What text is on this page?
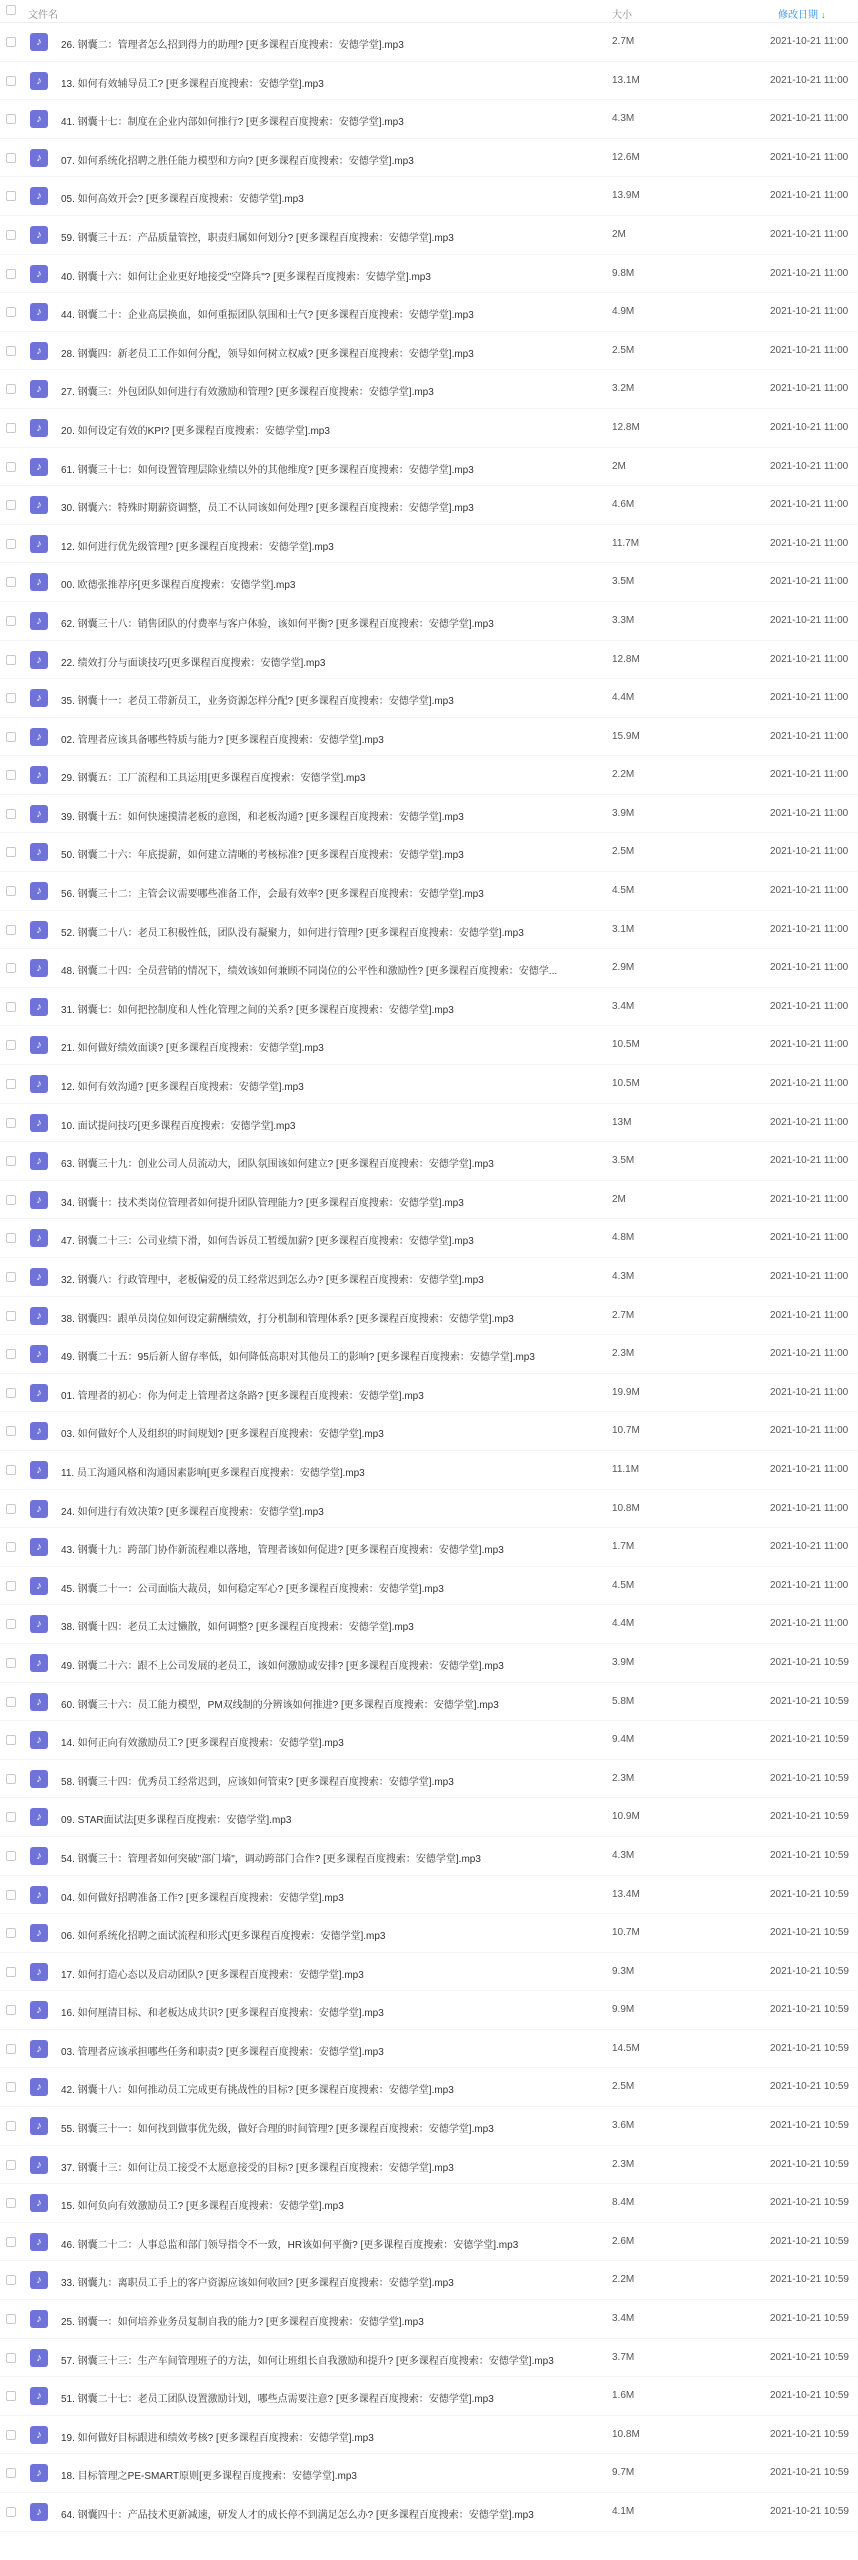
文件名	大小	修改日期 ↓
♪	26. 钢囊二：管理者怎么招到得力的助理? [更多课程百度搜索：安德学堂].mp3	2.7M	2021-10-21 11:00
♪	13. 如何有效辅导员工? [更多课程百度搜索：安德学堂].mp3	13.1M	2021-10-21 11:00
♪	41. 钢囊十七：制度在企业内部如何推行? [更多课程百度搜索：安德学堂].mp3	4.3M	2021-10-21 11:00
♪	07. 如何系统化招聘之胜任能力模型和方向? [更多课程百度搜索：安德学堂].mp3	12.6M	2021-10-21 11:00
♪	05. 如何高效开会? [更多课程百度搜索：安德学堂].mp3	13.9M	2021-10-21 11:00
♪	59. 钢囊三十五：产品质量管控，职责归属如何划分? [更多课程百度搜索：安德学堂].mp3	2M	2021-10-21 11:00
♪	40. 钢囊十六：如何让企业更好地接受"空降兵"? [更多课程百度搜索：安德学堂].mp3	9.8M	2021-10-21 11:00
♪	44. 钢囊二十：企业高层换血，如何重振团队氛围和士气? [更多课程百度搜索：安德学堂].mp3	4.9M	2021-10-21 11:00
♪	28. 钢囊四：新老员工工作如何分配，领导如何树立权威? [更多课程百度搜索：安德学堂].mp3	2.5M	2021-10-21 11:00
♪	27. 钢囊三：外包团队如何进行有效激励和管理? [更多课程百度搜索：安德学堂].mp3	3.2M	2021-10-21 11:00
♪	20. 如何设定有效的KPI? [更多课程百度搜索：安德学堂].mp3	12.8M	2021-10-21 11:00
♪	61. 钢囊三十七：如何设置管理层除业绩以外的其他维度? [更多课程百度搜索：安德学堂].mp3	2M	2021-10-21 11:00
♪	30. 钢囊六：特殊时期薪资调整，员工不认同该如何处理? [更多课程百度搜索：安德学堂].mp3	4.6M	2021-10-21 11:00
♪	12. 如何进行优先级管理? [更多课程百度搜索：安德学堂].mp3	11.7M	2021-10-21 11:00
♪	00. 欧德张推荐序[更多课程百度搜索：安德学堂].mp3	3.5M	2021-10-21 11:00
♪	62. 钢囊三十八：销售团队的付费率与客户体验，该如何平衡? [更多课程百度搜索：安德学堂].mp3	3.3M	2021-10-21 11:00
♪	22. 绩效打分与面谈技巧[更多课程百度搜索：安德学堂].mp3	12.8M	2021-10-21 11:00
♪	35. 钢囊十一：老员工带新员工，业务资源怎样分配? [更多课程百度搜索：安德学堂].mp3	4.4M	2021-10-21 11:00
♪	02. 管理者应该具备哪些特质与能力? [更多课程百度搜索：安德学堂].mp3	15.9M	2021-10-21 11:00
♪	29. 钢囊五：工厂流程和工具运用[更多课程百度搜索：安德学堂].mp3	2.2M	2021-10-21 11:00
♪	39. 钢囊十五：如何快速摸清老板的意图，和老板沟通? [更多课程百度搜索：安德学堂].mp3	3.9M	2021-10-21 11:00
♪	50. 钢囊二十六：年底提薪，如何建立清晰的考核标准? [更多课程百度搜索：安德学堂].mp3	2.5M	2021-10-21 11:00
♪	56. 钢囊三十二：主管会议需要哪些准备工作，会最有效率? [更多课程百度搜索：安德学堂].mp3	4.5M	2021-10-21 11:00
♪	52. 钢囊二十八：老员工积极性低，团队没有凝聚力，如何进行管理? [更多课程百度搜索：安德学堂].mp3	3.1M	2021-10-21 11:00
♪	48. 钢囊二十四：全员营销的情况下，绩效该如何兼顾不同岗位的公平性和激励性? [更多课程百度搜索：安德学...	2.9M	2021-10-21 11:00
♪	31. 钢囊七：如何把控制度和人性化管理之间的关系? [更多课程百度搜索：安德学堂].mp3	3.4M	2021-10-21 11:00
♪	21. 如何做好绩效面谈? [更多课程百度搜索：安德学堂].mp3	10.5M	2021-10-21 11:00
♪	12. 如何有效沟通? [更多课程百度搜索：安德学堂].mp3	10.5M	2021-10-21 11:00
♪	10. 面试提问技巧[更多课程百度搜索：安德学堂].mp3	13M	2021-10-21 11:00
♪	63. 钢囊三十九：创业公司人员流动大，团队氛围该如何建立? [更多课程百度搜索：安德学堂].mp3	3.5M	2021-10-21 11:00
♪	34. 钢囊十：技术类岗位管理者如何提升团队管理能力? [更多课程百度搜索：安德学堂].mp3	2M	2021-10-21 11:00
♪	47. 钢囊二十三：公司业绩下滑，如何告诉员工暂缓加薪? [更多课程百度搜索：安德学堂].mp3	4.8M	2021-10-21 11:00
♪	32. 钢囊八：行政管理中，老板偏爱的员工经常迟到怎么办? [更多课程百度搜索：安德学堂].mp3	4.3M	2021-10-21 11:00
♪	38. 钢囊四：跟单员岗位如何设定薪酬绩效，打分机制和管理体系? [更多课程百度搜索：安德学堂].mp3	2.7M	2021-10-21 11:00
♪	49. 钢囊二十五：95后新人留存率低，如何降低高职对其他员工的影响? [更多课程百度搜索：安德学堂].mp3	2.3M	2021-10-21 11:00
♪	01. 管理者的初心：你为何走上管理者这条路? [更多课程百度搜索：安德学堂].mp3	19.9M	2021-10-21 11:00
♪	03. 如何做好个人及组织的时间规划? [更多课程百度搜索：安德学堂].mp3	10.7M	2021-10-21 11:00
♪	11. 员工沟通风格和沟通因素影响[更多课程百度搜索：安德学堂].mp3	11.1M	2021-10-21 11:00
♪	24. 如何进行有效决策? [更多课程百度搜索：安德学堂].mp3	10.8M	2021-10-21 11:00
♪	43. 钢囊十九：跨部门协作新流程难以落地，管理者该如何促进? [更多课程百度搜索：安德学堂].mp3	1.7M	2021-10-21 11:00
♪	45. 钢囊二十一：公司面临大裁员，如何稳定军心? [更多课程百度搜索：安德学堂].mp3	4.5M	2021-10-21 11:00
♪	38. 钢囊十四：老员工太过懒散，如何调整? [更多课程百度搜索：安德学堂].mp3	4.4M	2021-10-21 11:00
♪	49. 钢囊二十六：跟不上公司发展的老员工，该如何激励或安排? [更多课程百度搜索：安德学堂].mp3	3.9M	2021-10-21 10:59
♪	60. 钢囊三十六：员工能力模型，PM双线制的分辨该如何推进? [更多课程百度搜索：安德学堂].mp3	5.8M	2021-10-21 10:59
♪	14. 如何正向有效激励员工? [更多课程百度搜索：安德学堂].mp3	9.4M	2021-10-21 10:59
♪	58. 钢囊三十四：优秀员工经常迟到，应该如何管束? [更多课程百度搜索：安德学堂].mp3	2.3M	2021-10-21 10:59
♪	09. STAR面试法[更多课程百度搜索：安德学堂].mp3	10.9M	2021-10-21 10:59
♪	54. 钢囊三十：管理者如何突破"部门墙"，调动跨部门合作? [更多课程百度搜索：安德学堂].mp3	4.3M	2021-10-21 10:59
♪	04. 如何做好招聘准备工作? [更多课程百度搜索：安德学堂].mp3	13.4M	2021-10-21 10:59
♪	06. 如何系统化招聘之面试流程和形式[更多课程百度搜索：安德学堂].mp3	10.7M	2021-10-21 10:59
♪	17. 如何打造心态以及启动团队? [更多课程百度搜索：安德学堂].mp3	9.3M	2021-10-21 10:59
♪	16. 如何厘清目标、和老板达成共识? [更多课程百度搜索：安德学堂].mp3	9.9M	2021-10-21 10:59
♪	03. 管理者应该承担哪些任务和职责? [更多课程百度搜索：安德学堂].mp3	14.5M	2021-10-21 10:59
♪	42. 钢囊十八：如何推动员工完成更有挑战性的目标? [更多课程百度搜索：安德学堂].mp3	2.5M	2021-10-21 10:59
♪	55. 钢囊三十一：如何找到做事优先级，做好合理的时间管理? [更多课程百度搜索：安德学堂].mp3	3.6M	2021-10-21 10:59
♪	37. 钢囊十三：如何让员工接受不太愿意接受的目标? [更多课程百度搜索：安德学堂].mp3	2.3M	2021-10-21 10:59
♪	15. 如何负向有效激励员工? [更多课程百度搜索：安德学堂].mp3	8.4M	2021-10-21 10:59
♪	46. 钢囊二十二：人事总监和部门领导指令不一致，HR该如何平衡? [更多课程百度搜索：安德学堂].mp3	2.6M	2021-10-21 10:59
♪	33. 钢囊九：离职员工手上的客户资源应该如何收回? [更多课程百度搜索：安德学堂].mp3	2.2M	2021-10-21 10:59
♪	25. 钢囊一：如何培养业务员复制自我的能力? [更多课程百度搜索：安德学堂].mp3	3.4M	2021-10-21 10:59
♪	57. 钢囊三十三：生产车间管理班子的方法，如何让班组长自我激励和提升? [更多课程百度搜索：安德学堂].mp3	3.7M	2021-10-21 10:59
♪	51. 钢囊二十七：老员工团队设置激励计划，哪些点需要注意? [更多课程百度搜索：安德学堂].mp3	1.6M	2021-10-21 10:59
♪	19. 如何做好目标跟进和绩效考核? [更多课程百度搜索：安德学堂].mp3	10.8M	2021-10-21 10:59
♪	18. 目标管理之PE-SMART原则[更多课程百度搜索：安德学堂].mp3	9.7M	2021-10-21 10:59
♪	64. 钢囊四十：产品技术更新减速，研发人才的成长停不到满足怎么办? [更多课程百度搜索：安德学堂].mp3	4.1M	2021-10-21 10:59
